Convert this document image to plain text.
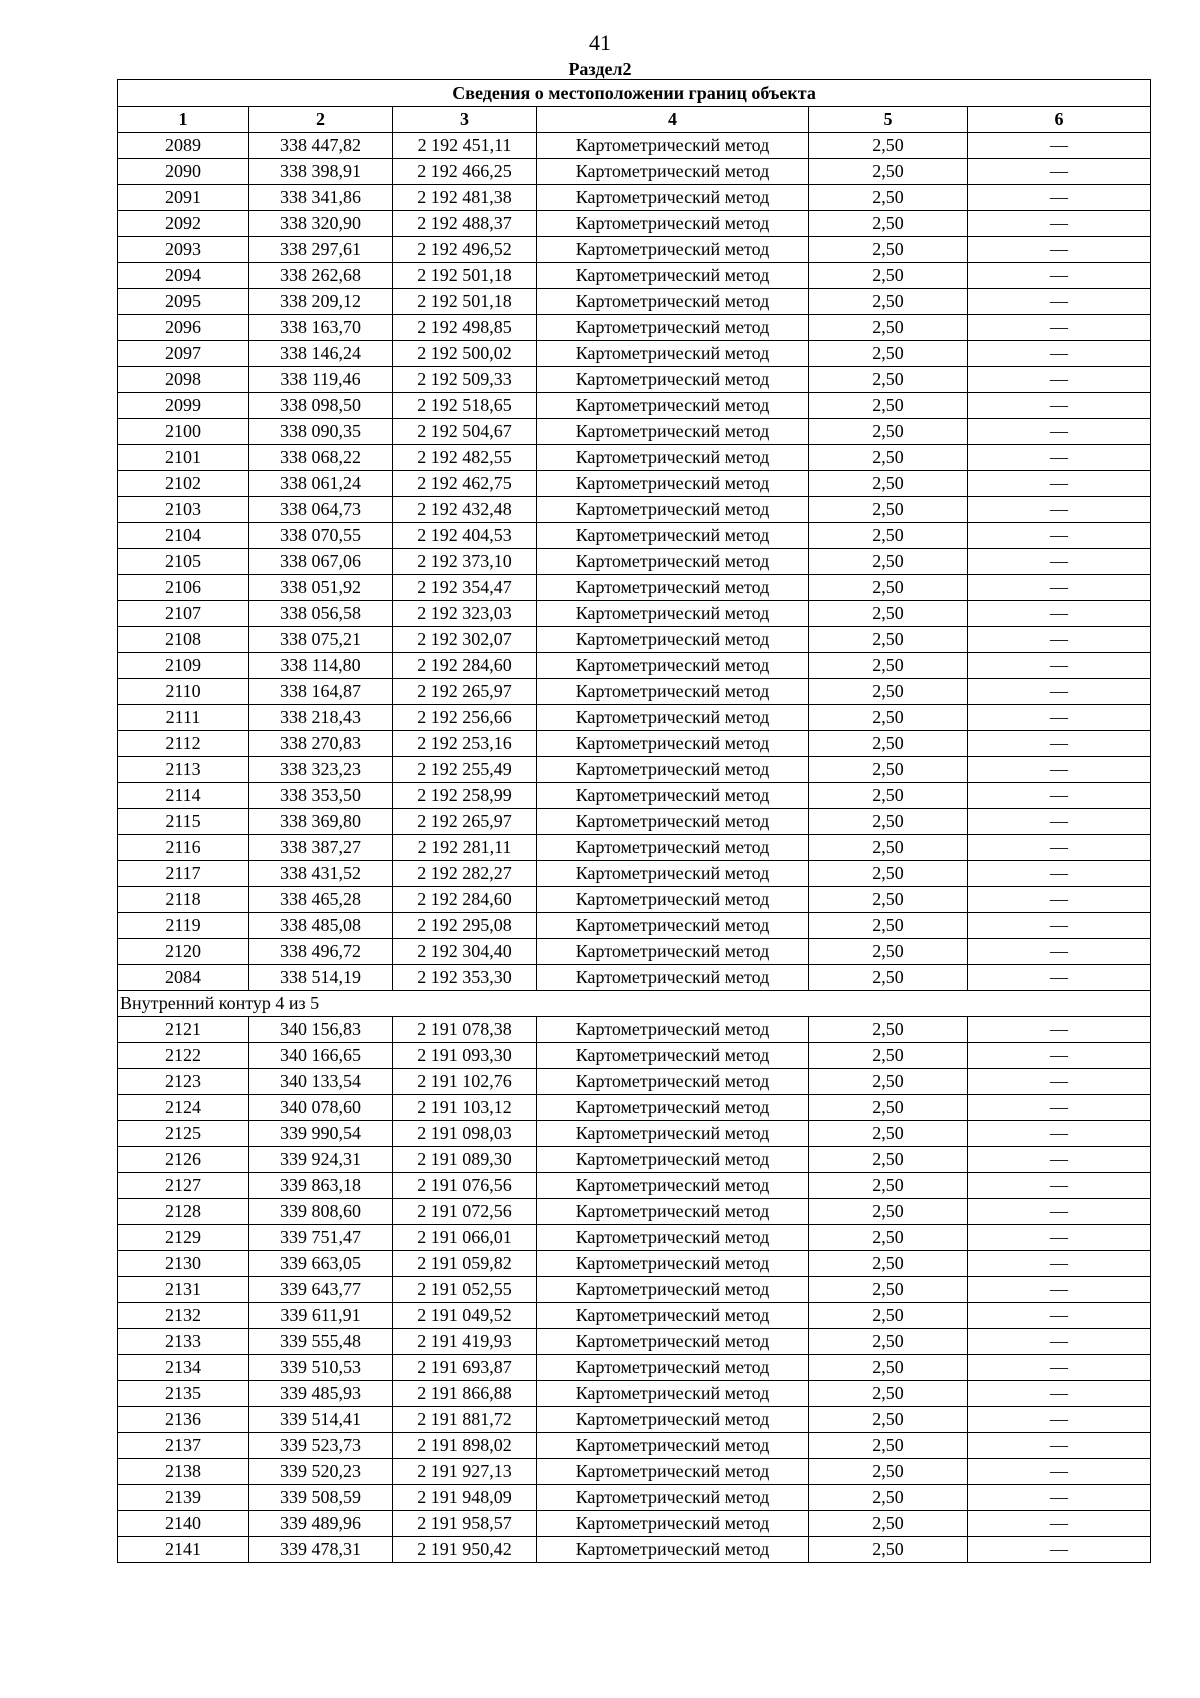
41
Раздел2
Сведения о местоположении границ объекта					
1	2	3	4	5	6
2089	338 447,82	2 192 451,11	Картометрический метод	2,50	—
2090	338 398,91	2 192 466,25	Картометрический метод	2,50	—
2091	338 341,86	2 192 481,38	Картометрический метод	2,50	—
2092	338 320,90	2 192 488,37	Картометрический метод	2,50	—
2093	338 297,61	2 192 496,52	Картометрический метод	2,50	—
2094	338 262,68	2 192 501,18	Картометрический метод	2,50	—
2095	338 209,12	2 192 501,18	Картометрический метод	2,50	—
2096	338 163,70	2 192 498,85	Картометрический метод	2,50	—
2097	338 146,24	2 192 500,02	Картометрический метод	2,50	—
2098	338 119,46	2 192 509,33	Картометрический метод	2,50	—
2099	338 098,50	2 192 518,65	Картометрический метод	2,50	—
2100	338 090,35	2 192 504,67	Картометрический метод	2,50	—
2101	338 068,22	2 192 482,55	Картометрический метод	2,50	—
2102	338 061,24	2 192 462,75	Картометрический метод	2,50	—
2103	338 064,73	2 192 432,48	Картометрический метод	2,50	—
2104	338 070,55	2 192 404,53	Картометрический метод	2,50	—
2105	338 067,06	2 192 373,10	Картометрический метод	2,50	—
2106	338 051,92	2 192 354,47	Картометрический метод	2,50	—
2107	338 056,58	2 192 323,03	Картометрический метод	2,50	—
2108	338 075,21	2 192 302,07	Картометрический метод	2,50	—
2109	338 114,80	2 192 284,60	Картометрический метод	2,50	—
2110	338 164,87	2 192 265,97	Картометрический метод	2,50	—
2111	338 218,43	2 192 256,66	Картометрический метод	2,50	—
2112	338 270,83	2 192 253,16	Картометрический метод	2,50	—
2113	338 323,23	2 192 255,49	Картометрический метод	2,50	—
2114	338 353,50	2 192 258,99	Картометрический метод	2,50	—
2115	338 369,80	2 192 265,97	Картометрический метод	2,50	—
2116	338 387,27	2 192 281,11	Картометрический метод	2,50	—
2117	338 431,52	2 192 282,27	Картометрический метод	2,50	—
2118	338 465,28	2 192 284,60	Картометрический метод	2,50	—
2119	338 485,08	2 192 295,08	Картометрический метод	2,50	—
2120	338 496,72	2 192 304,40	Картометрический метод	2,50	—
2084	338 514,19	2 192 353,30	Картометрический метод	2,50	—
Внутренний контур 4 из 5					
2121	340 156,83	2 191 078,38	Картометрический метод	2,50	—
2122	340 166,65	2 191 093,30	Картометрический метод	2,50	—
2123	340 133,54	2 191 102,76	Картометрический метод	2,50	—
2124	340 078,60	2 191 103,12	Картометрический метод	2,50	—
2125	339 990,54	2 191 098,03	Картометрический метод	2,50	—
2126	339 924,31	2 191 089,30	Картометрический метод	2,50	—
2127	339 863,18	2 191 076,56	Картометрический метод	2,50	—
2128	339 808,60	2 191 072,56	Картометрический метод	2,50	—
2129	339 751,47	2 191 066,01	Картометрический метод	2,50	—
2130	339 663,05	2 191 059,82	Картометрический метод	2,50	—
2131	339 643,77	2 191 052,55	Картометрический метод	2,50	—
2132	339 611,91	2 191 049,52	Картометрический метод	2,50	—
2133	339 555,48	2 191 419,93	Картометрический метод	2,50	—
2134	339 510,53	2 191 693,87	Картометрический метод	2,50	—
2135	339 485,93	2 191 866,88	Картометрический метод	2,50	—
2136	339 514,41	2 191 881,72	Картометрический метод	2,50	—
2137	339 523,73	2 191 898,02	Картометрический метод	2,50	—
2138	339 520,23	2 191 927,13	Картометрический метод	2,50	—
2139	339 508,59	2 191 948,09	Картометрический метод	2,50	—
2140	339 489,96	2 191 958,57	Картометрический метод	2,50	—
2141	339 478,31	2 191 950,42	Картометрический метод	2,50	—
